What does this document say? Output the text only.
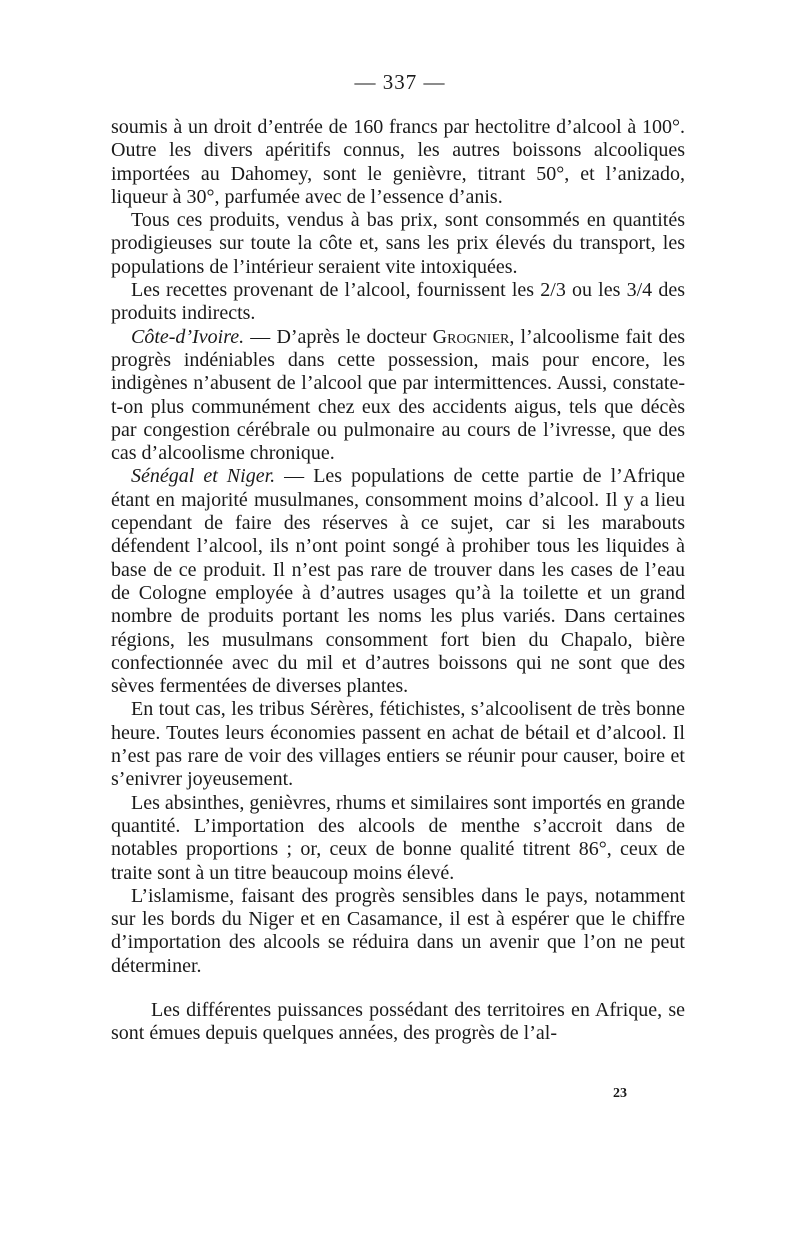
— 337 —

soumis à un droit d’entrée de 160 francs par hectolitre d’alcool à 100°. Outre les divers apéritifs connus, les autres boissons alcooliques importées au Dahomey, sont le genièvre, titrant 50°, et l’anizado, liqueur à 30°, parfumée avec de l’essence d’anis.

Tous ces produits, vendus à bas prix, sont consommés en quantités prodigieuses sur toute la côte et, sans les prix élevés du transport, les populations de l’intérieur seraient vite intoxiquées.

Les recettes provenant de l’alcool, fournissent les 2/3 ou les 3/4 des produits indirects.

Côte-d’Ivoire. — D’après le docteur Grognier, l’alcoolisme fait des progrès indéniables dans cette possession, mais pour encore, les indigènes n’abusent de l’alcool que par intermittences. Aussi, constate-t-on plus communément chez eux des accidents aigus, tels que décès par congestion cérébrale ou pulmonaire au cours de l’ivresse, que des cas d’alcoolisme chronique.

Sénégal et Niger. — Les populations de cette partie de l’Afrique étant en majorité musulmanes, consomment moins d’alcool. Il y a lieu cependant de faire des réserves à ce sujet, car si les marabouts défendent l’alcool, ils n’ont point songé à prohiber tous les liquides à base de ce produit. Il n’est pas rare de trouver dans les cases de l’eau de Cologne employée à d’autres usages qu’à la toilette et un grand nombre de produits portant les noms les plus variés. Dans certaines régions, les musulmans consomment fort bien du Chapalo, bière confectionnée avec du mil et d’autres boissons qui ne sont que des sèves fermentées de diverses plantes.

En tout cas, les tribus Sérères, fétichistes, s’alcoolisent de très bonne heure. Toutes leurs économies passent en achat de bétail et d’alcool. Il n’est pas rare de voir des villages entiers se réunir pour causer, boire et s’enivrer joyeusement.

Les absinthes, genièvres, rhums et similaires sont importés en grande quantité. L’importation des alcools de menthe s’accroit dans de notables proportions ; or, ceux de bonne qualité titrent 86°, ceux de traite sont à un titre beaucoup moins élevé.

L’islamisme, faisant des progrès sensibles dans le pays, notamment sur les bords du Niger et en Casamance, il est à espérer que le chiffre d’importation des alcools se réduira dans un avenir que l’on ne peut déterminer.

Les différentes puissances possédant des territoires en Afrique, se sont émues depuis quelques années, des progrès de l’al-

23
